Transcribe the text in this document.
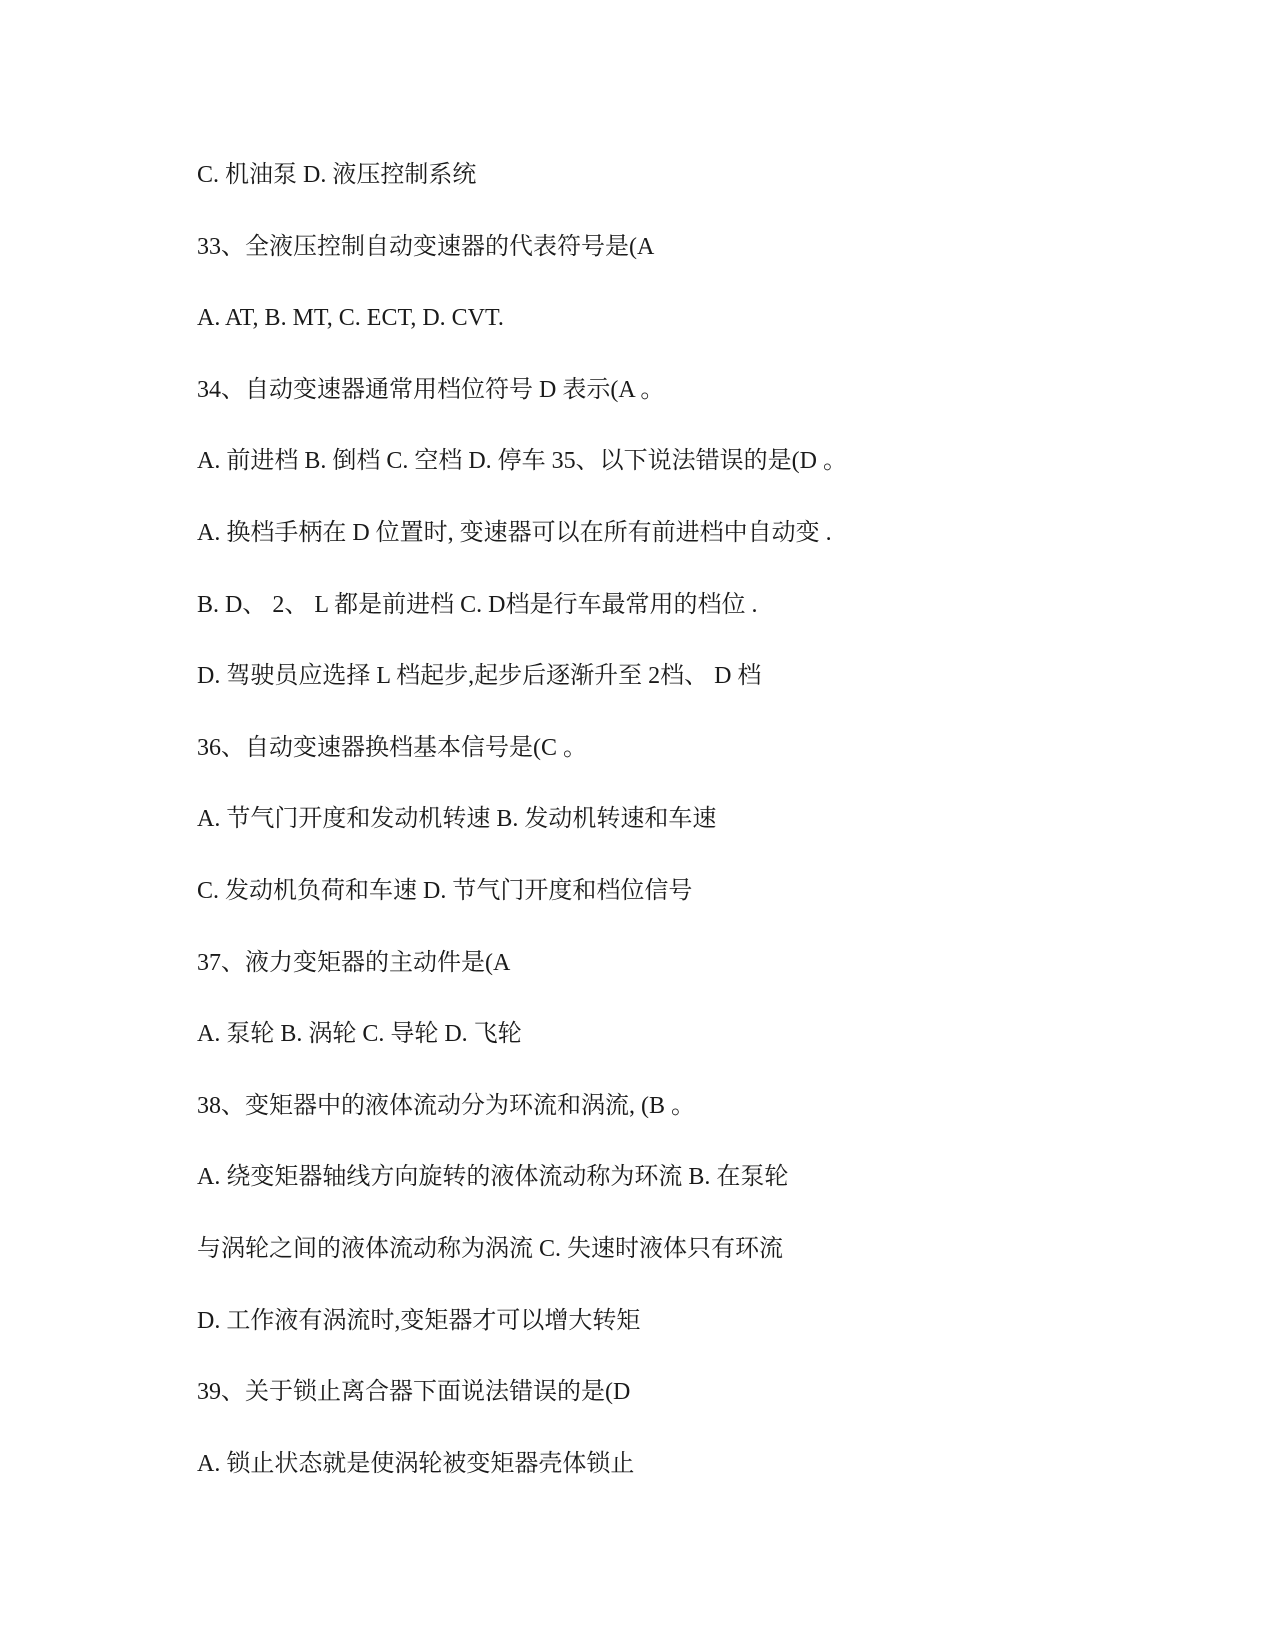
C. 机油泵 D. 液压控制系统
33、全液压控制自动变速器的代表符号是(A
A. AT, B. MT, C. ECT, D. CVT.
34、自动变速器通常用档位符号 D 表示(A 。
A. 前进档 B. 倒档 C. 空档 D. 停车 35、以下说法错误的是(D 。
A. 换档手柄在 D 位置时, 变速器可以在所有前进档中自动变 .
B. D、 2、 L 都是前进档 C. D档是行车最常用的档位 .
D. 驾驶员应选择 L 档起步,起步后逐渐升至 2档、 D 档
36、自动变速器换档基本信号是(C 。
A. 节气门开度和发动机转速 B. 发动机转速和车速
C. 发动机负荷和车速 D. 节气门开度和档位信号
37、液力变矩器的主动件是(A
A. 泵轮 B. 涡轮 C. 导轮 D. 飞轮
38、变矩器中的液体流动分为环流和涡流, (B 。
A. 绕变矩器轴线方向旋转的液体流动称为环流 B. 在泵轮
与涡轮之间的液体流动称为涡流 C. 失速时液体只有环流
D. 工作液有涡流时,变矩器才可以增大转矩
39、关于锁止离合器下面说法错误的是(D
A. 锁止状态就是使涡轮被变矩器壳体锁止
